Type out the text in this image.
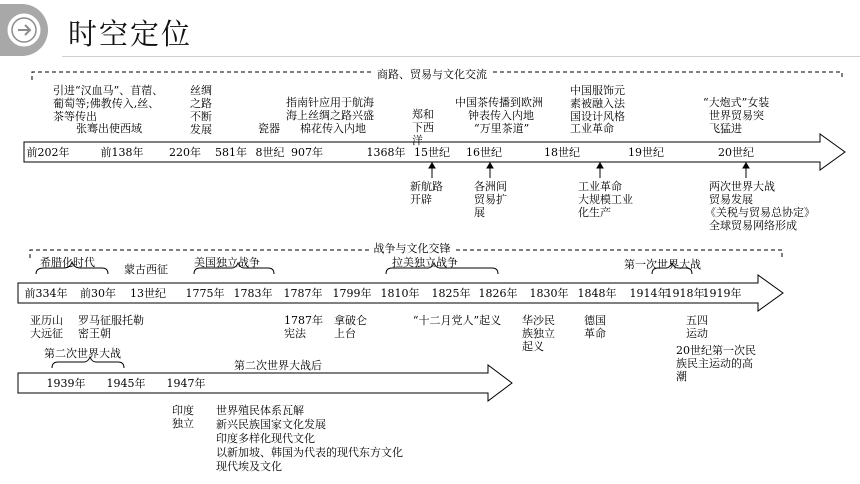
时空定位
商路、贸易与文化交流
引进“汉血马”、苜蓿、葡萄等;佛教传入,丝、茶等传出
张骞出使西域
丝绸之路不断发展	瓷器
指南针应用于航海
海上丝绸之路兴盛
棉花传入内地
郑和下西洋
中国茶传播到欧洲
钟表传入内地
“万里茶道”
中国服饰元素被融入法国设计风格
工业革命
“大炮式”女装
世界贸易突飞猛进
前202年	前138年 220年 581年 8世纪 907年	1368年 15世纪 16世纪	18世纪	19世纪	20世纪
新航路开辟
各洲间贸易扩展
工业革命
大规模工业化生产
两次世界大战
贸易发展
《关税与贸易总协定》
全球贸易网络形成
战争与文化交锋
希腊化时代
蒙古西征
美国独立战争	拉美独立战争	第一次世界大战
前334年 前30年 13世纪 1775年 1783年 1787年 1799年 1810年 1825年 1826年 1830年 1848年 1914年
1918年
1919年
亚历山大远征
罗马征服托勒密王朝
1787年宪法
拿破仑上台
“十二月党人”起义 华沙民族独立起义
德国革命
五四运动
20世纪第一次民族民主运动的高潮
第二次世界大战
第二次世界大战后
1939年 1945年 1947年
印度独立
世界殖民体系瓦解
新兴民族国家文化发展
印度多样化现代文化
以新加坡、韩国为代表的现代东方文化
现代埃及文化
